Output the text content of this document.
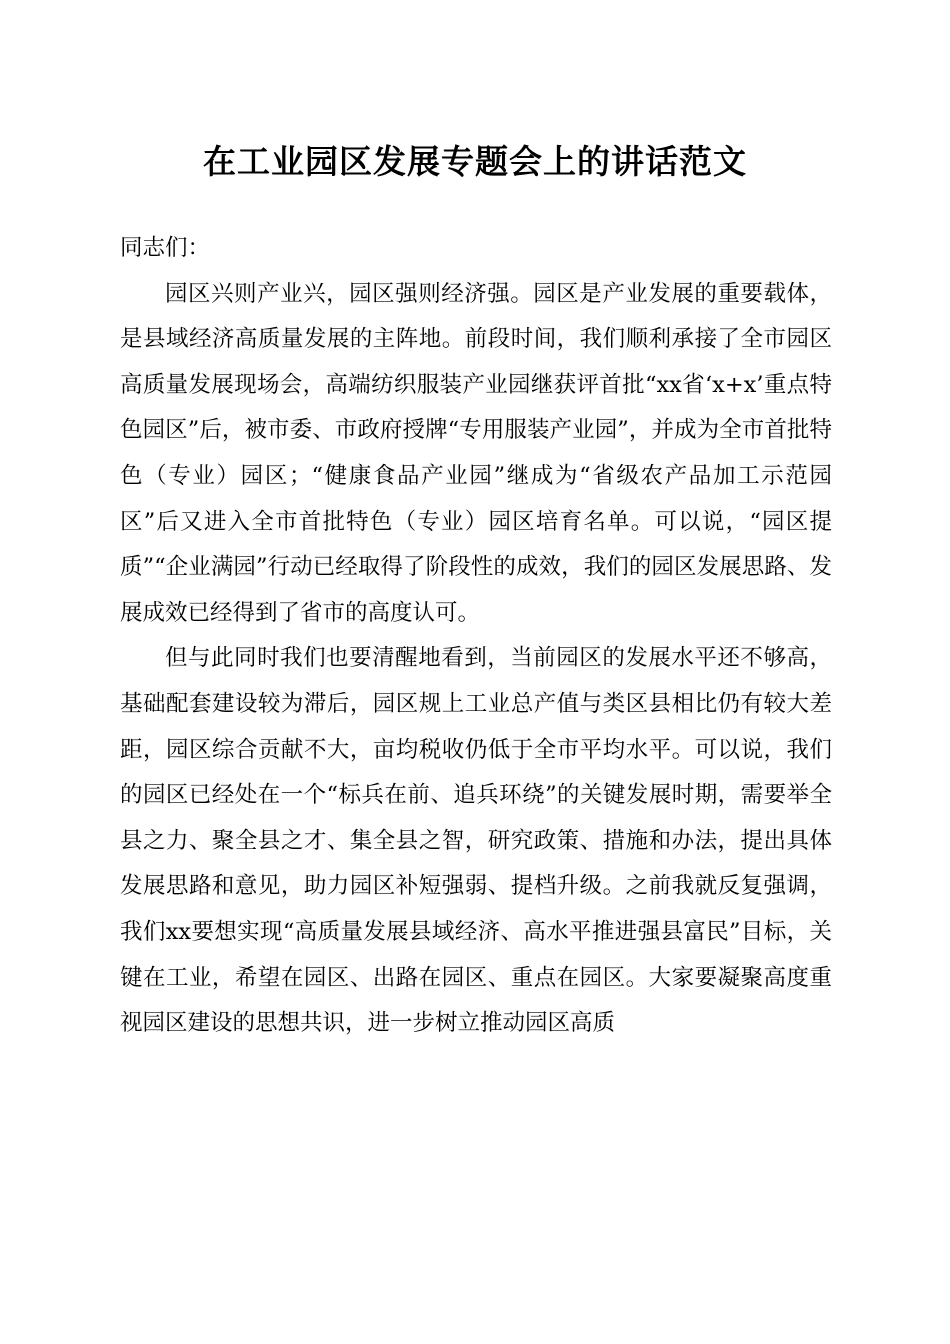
在工业园区发展专题会上的讲话范文

同志们：

园区兴则产业兴，园区强则经济强。园区是产业发展的重要载体，是县域经济高质量发展的主阵地。前段时间，我们顺利承接了全市园区高质量发展现场会，高端纺织服装产业园继获评首批“xx省‘x+x’重点特色园区”后，被市委、市政府授牌“专用服装产业园”，并成为全市首批特色（专业）园区；“健康食品产业园”继成为“省级农产品加工示范园区”后又进入全市首批特色（专业）园区培育名单。可以说，“园区提质”“企业满园”行动已经取得了阶段性的成效，我们的园区发展思路、发展成效已经得到了省市的高度认可。

但与此同时我们也要清醒地看到，当前园区的发展水平还不够高，基础配套建设较为滞后，园区规上工业总产值与类区县相比仍有较大差距，园区综合贡献不大，亩均税收仍低于全市平均水平。可以说，我们的园区已经处在一个“标兵在前、追兵环绕”的关键发展时期，需要举全县之力、聚全县之才、集全县之智，研究政策、措施和办法，提出具体发展思路和意见，助力园区补短强弱、提档升级。之前我就反复强调，我们xx要想实现“高质量发展县域经济、高水平推进强县富民”目标，关键在工业，希望在园区、出路在园区、重点在园区。大家要凝聚高度重视园区建设的思想共识，进一步树立推动园区高质
